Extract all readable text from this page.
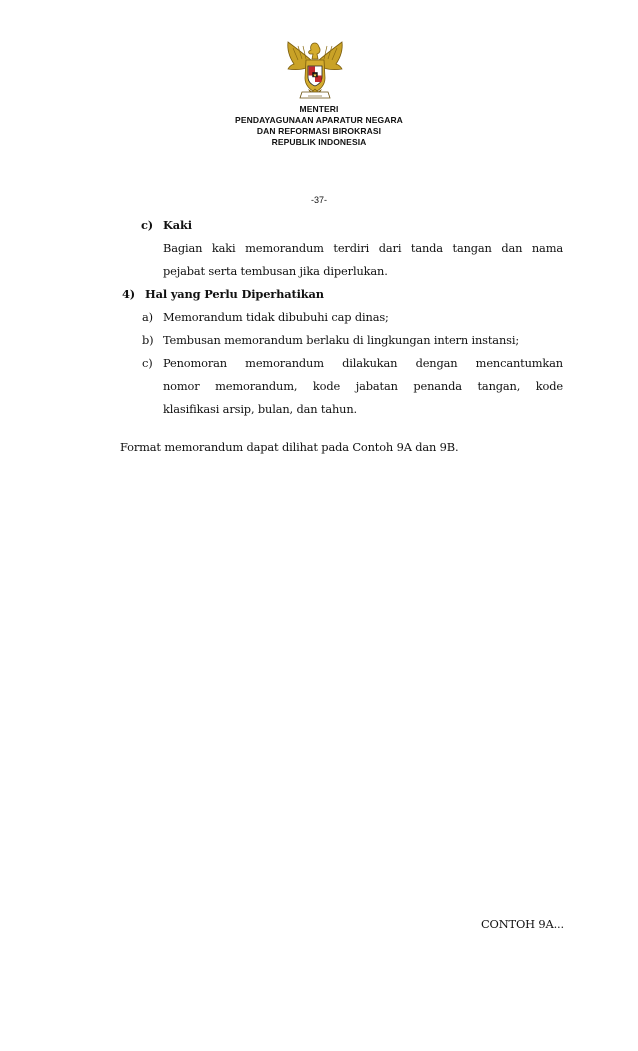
MENTERI
PENDAYAGUNAAN APARATUR NEGARA
DAN REFORMASI BIROKRASI
REPUBLIK INDONESIA
-37-
c) Kaki
Bagian kaki memorandum terdiri dari tanda tangan dan nama
pejabat serta tembusan jika diperlukan.
4) Hal yang Perlu Diperhatikan
a) Memorandum tidak dibubuhi cap dinas;
b) Tembusan memorandum berlaku di lingkungan intern instansi;
c) Penomoran memorandum dilakukan dengan mencantumkan
nomor memorandum, kode jabatan penanda tangan, kode
klasifikasi arsip, bulan, dan tahun.
Format memorandum dapat dilihat pada Contoh 9A dan 9B.
CONTOH 9A...
